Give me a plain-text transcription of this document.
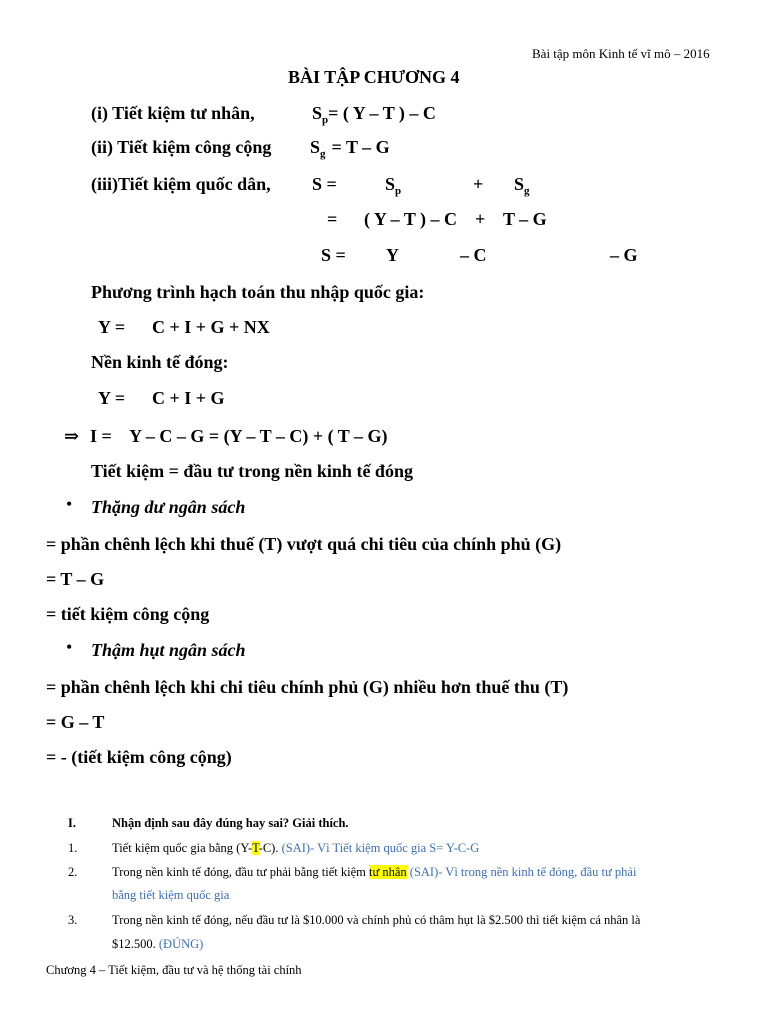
Bài tập môn Kinh tế vĩ mô – 2016
BÀI TẬP CHƯƠNG 4
(i) Tiết kiệm tư nhân,	$S_p=$ ( Y – T ) – C
(ii) Tiết kiệm công cộng $S_g = T - G$
(iii)Tiết kiệm quốc dân, S =	$S_p$	+ $S_g$
= ( Y – T ) – C    +    T – G
S = Y	– C	– G
Phương trình hạch toán thu nhập quốc gia:
Y = C + I + G + NX
Nền kinh tế đóng:
Y = C + I + G
⇒ I =    Y – C – G = (Y – T – C) + ( T – G)
Tiết kiệm = đầu tư trong nền kinh tế đóng
• Thặng dư ngân sách
= phần chênh lệch khi thuế (T) vượt quá chi tiêu của chính phủ (G)
= T – G
= tiết kiệm công cộng
• Thậm hụt ngân sách
= phần chênh lệch khi chi tiêu chính phủ (G) nhiều hơn thuế thu (T)
= G – T
= - (tiết kiệm công cộng)
I.	Nhận định sau đây đúng hay sai? Giải thích.
1.	Tiết kiệm quốc gia bằng (Y-T-C). (SAI)- Vì Tiết kiệm quốc gia S= Y-C-G
2.	Trong nền kinh tế đóng, đầu tư phải bằng tiết kiệm tư nhân (SAI)- Vì trong nền kinh tế đóng, đầu tư phải
bằng tiết kiệm quốc gia
3.	Trong nền kinh tế đóng, nếu đầu tư là $10.000 và chính phủ có thâm hụt là $2.500 thì tiết kiệm cá nhân là
$12.500. (ĐÚNG)
Chương 4 – Tiết kiệm, đầu tư và hệ thống tài chính
